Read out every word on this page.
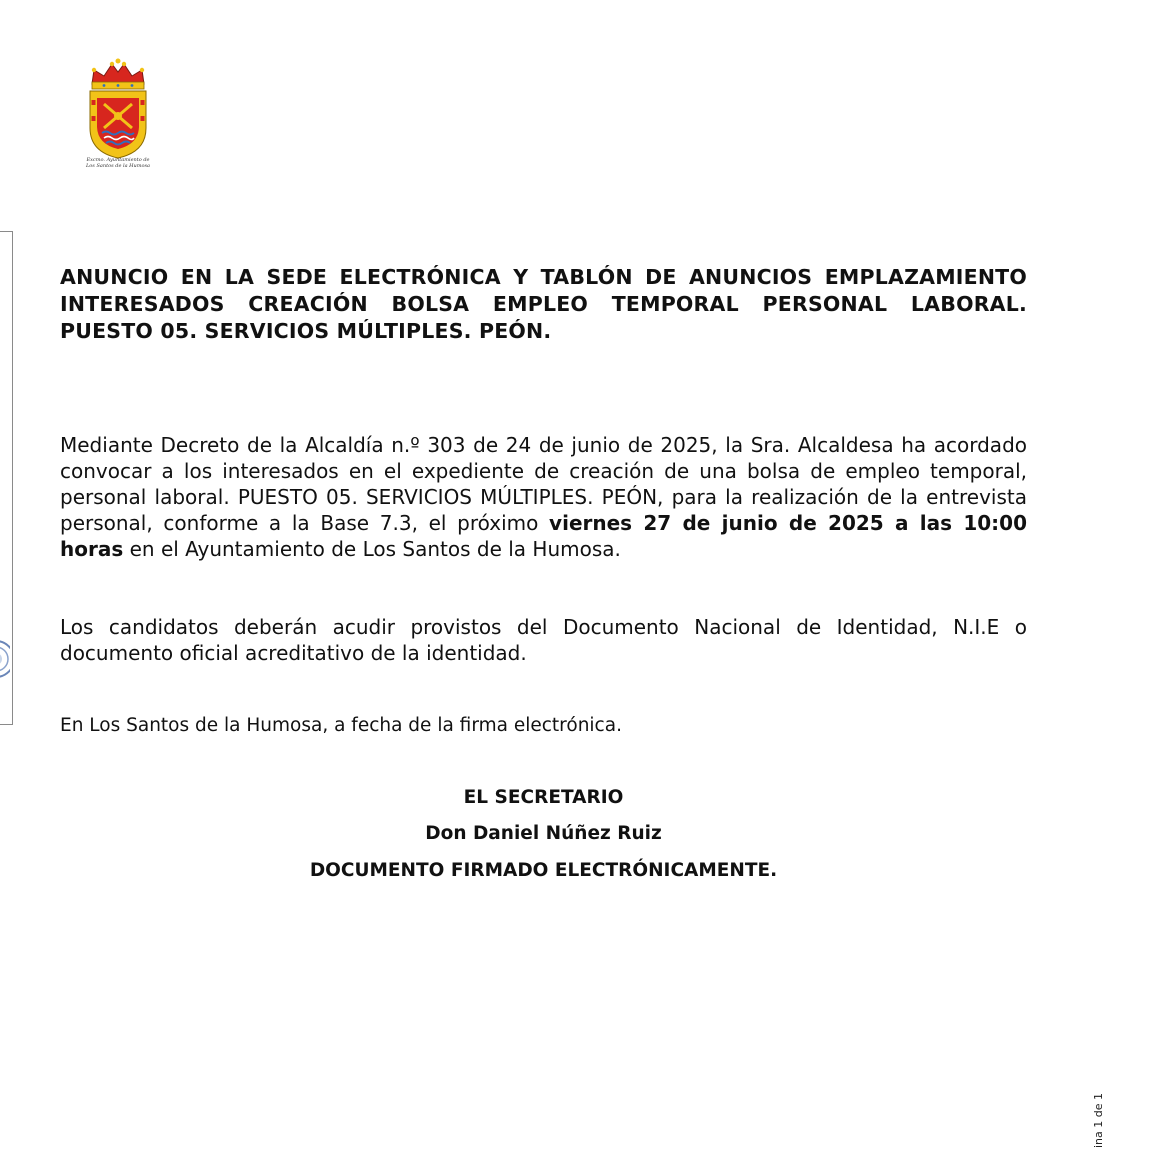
Excmo. Ayuntamiento de
Los Santos de la Humosa
ANUNCIO EN LA SEDE ELECTRÓNICA Y TABLÓN DE ANUNCIOS EMPLAZAMIENTO INTERESADOS CREACIÓN BOLSA EMPLEO TEMPORAL PERSONAL LABORAL. PUESTO 05. SERVICIOS MÚLTIPLES. PEÓN.
Mediante Decreto de la Alcaldía n.º 303 de 24 de junio de 2025, la Sra. Alcaldesa ha acordado convocar a los interesados en el expediente de creación de una bolsa de empleo temporal, personal laboral. PUESTO 05. SERVICIOS MÚLTIPLES. PEÓN, para la realización de la entrevista personal, conforme a la Base 7.3, el próximo viernes 27 de junio de 2025 a las 10:00 horas en el Ayuntamiento de Los Santos de la Humosa.
Los candidatos deberán acudir provistos del Documento Nacional de Identidad, N.I.E o documento oficial acreditativo de la identidad.
En Los Santos de la Humosa, a fecha de la firma electrónica.
EL SECRETARIO
Don Daniel Núñez Ruiz
DOCUMENTO FIRMADO ELECTRÓNICAMENTE.
ina 1 de 1
